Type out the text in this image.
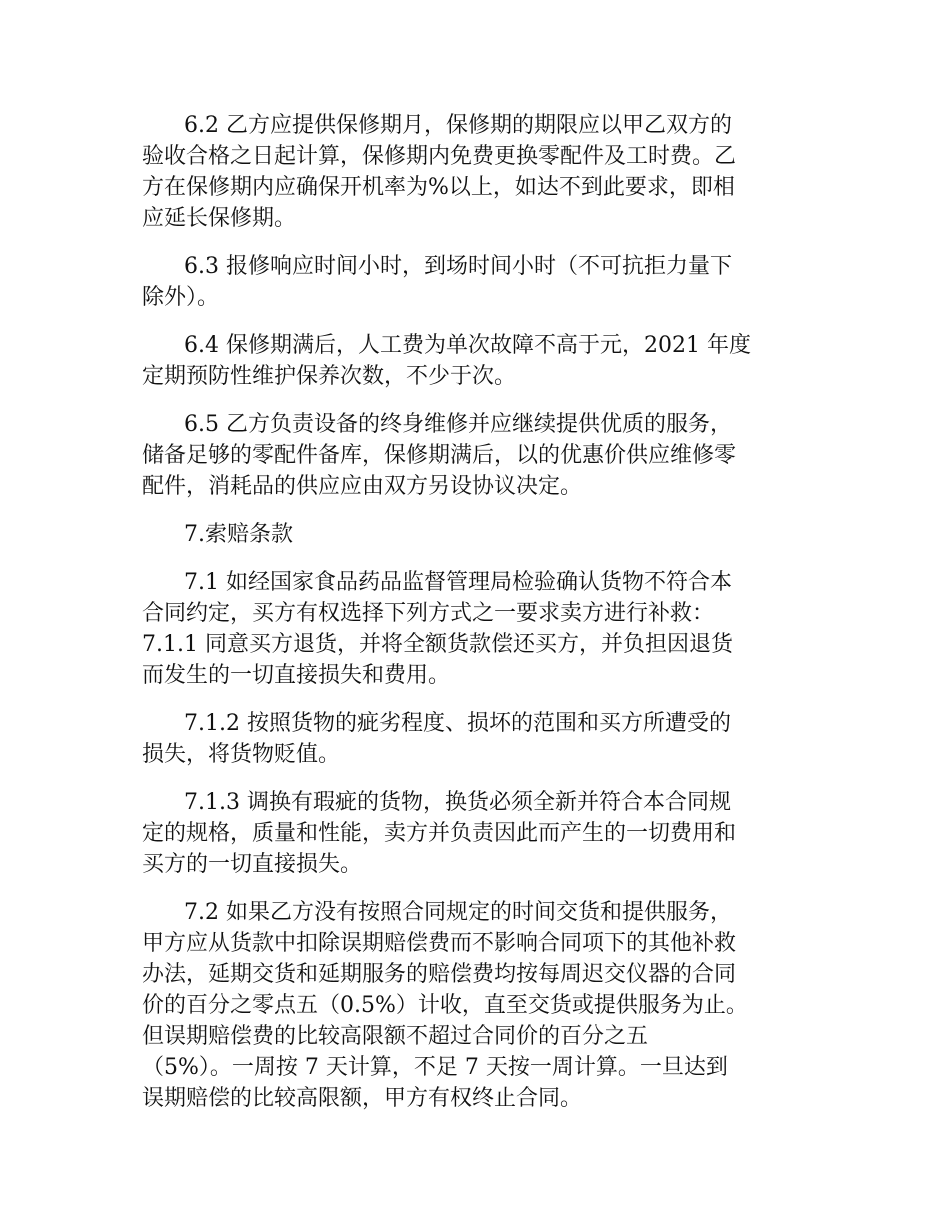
6.2 乙方应提供保修期月，保修期的期限应以甲乙双方的
验收合格之日起计算，保修期内免费更换零配件及工时费。乙
方在保修期内应确保开机率为%以上，如达不到此要求，即相
应延长保修期。

6.3 报修响应时间小时，到场时间小时（不可抗拒力量下
除外）。

6.4 保修期满后，人工费为单次故障不高于元，2021 年度
定期预防性维护保养次数，不少于次。

6.5 乙方负责设备的终身维修并应继续提供优质的服务，
储备足够的零配件备库，保修期满后，以的优惠价供应维修零
配件，消耗品的供应应由双方另设协议决定。

7.索赔条款

7.1 如经国家食品药品监督管理局检验确认货物不符合本
合同约定，买方有权选择下列方式之一要求卖方进行补救：
7.1.1 同意买方退货，并将全额货款偿还买方，并负担因退货
而发生的一切直接损失和费用。

7.1.2 按照货物的疵劣程度、损坏的范围和买方所遭受的
损失，将货物贬值。

7.1.3 调换有瑕疵的货物，换货必须全新并符合本合同规
定的规格，质量和性能，卖方并负责因此而产生的一切费用和
买方的一切直接损失。

7.2 如果乙方没有按照合同规定的时间交货和提供服务，
甲方应从货款中扣除误期赔偿费而不影响合同项下的其他补救
办法，延期交货和延期服务的赔偿费均按每周迟交仪器的合同
价的百分之零点五（0.5%）计收，直至交货或提供服务为止。
但误期赔偿费的比较高限额不超过合同价的百分之五
（5%）。一周按 7 天计算，不足 7 天按一周计算。一旦达到
误期赔偿的比较高限额，甲方有权终止合同。
